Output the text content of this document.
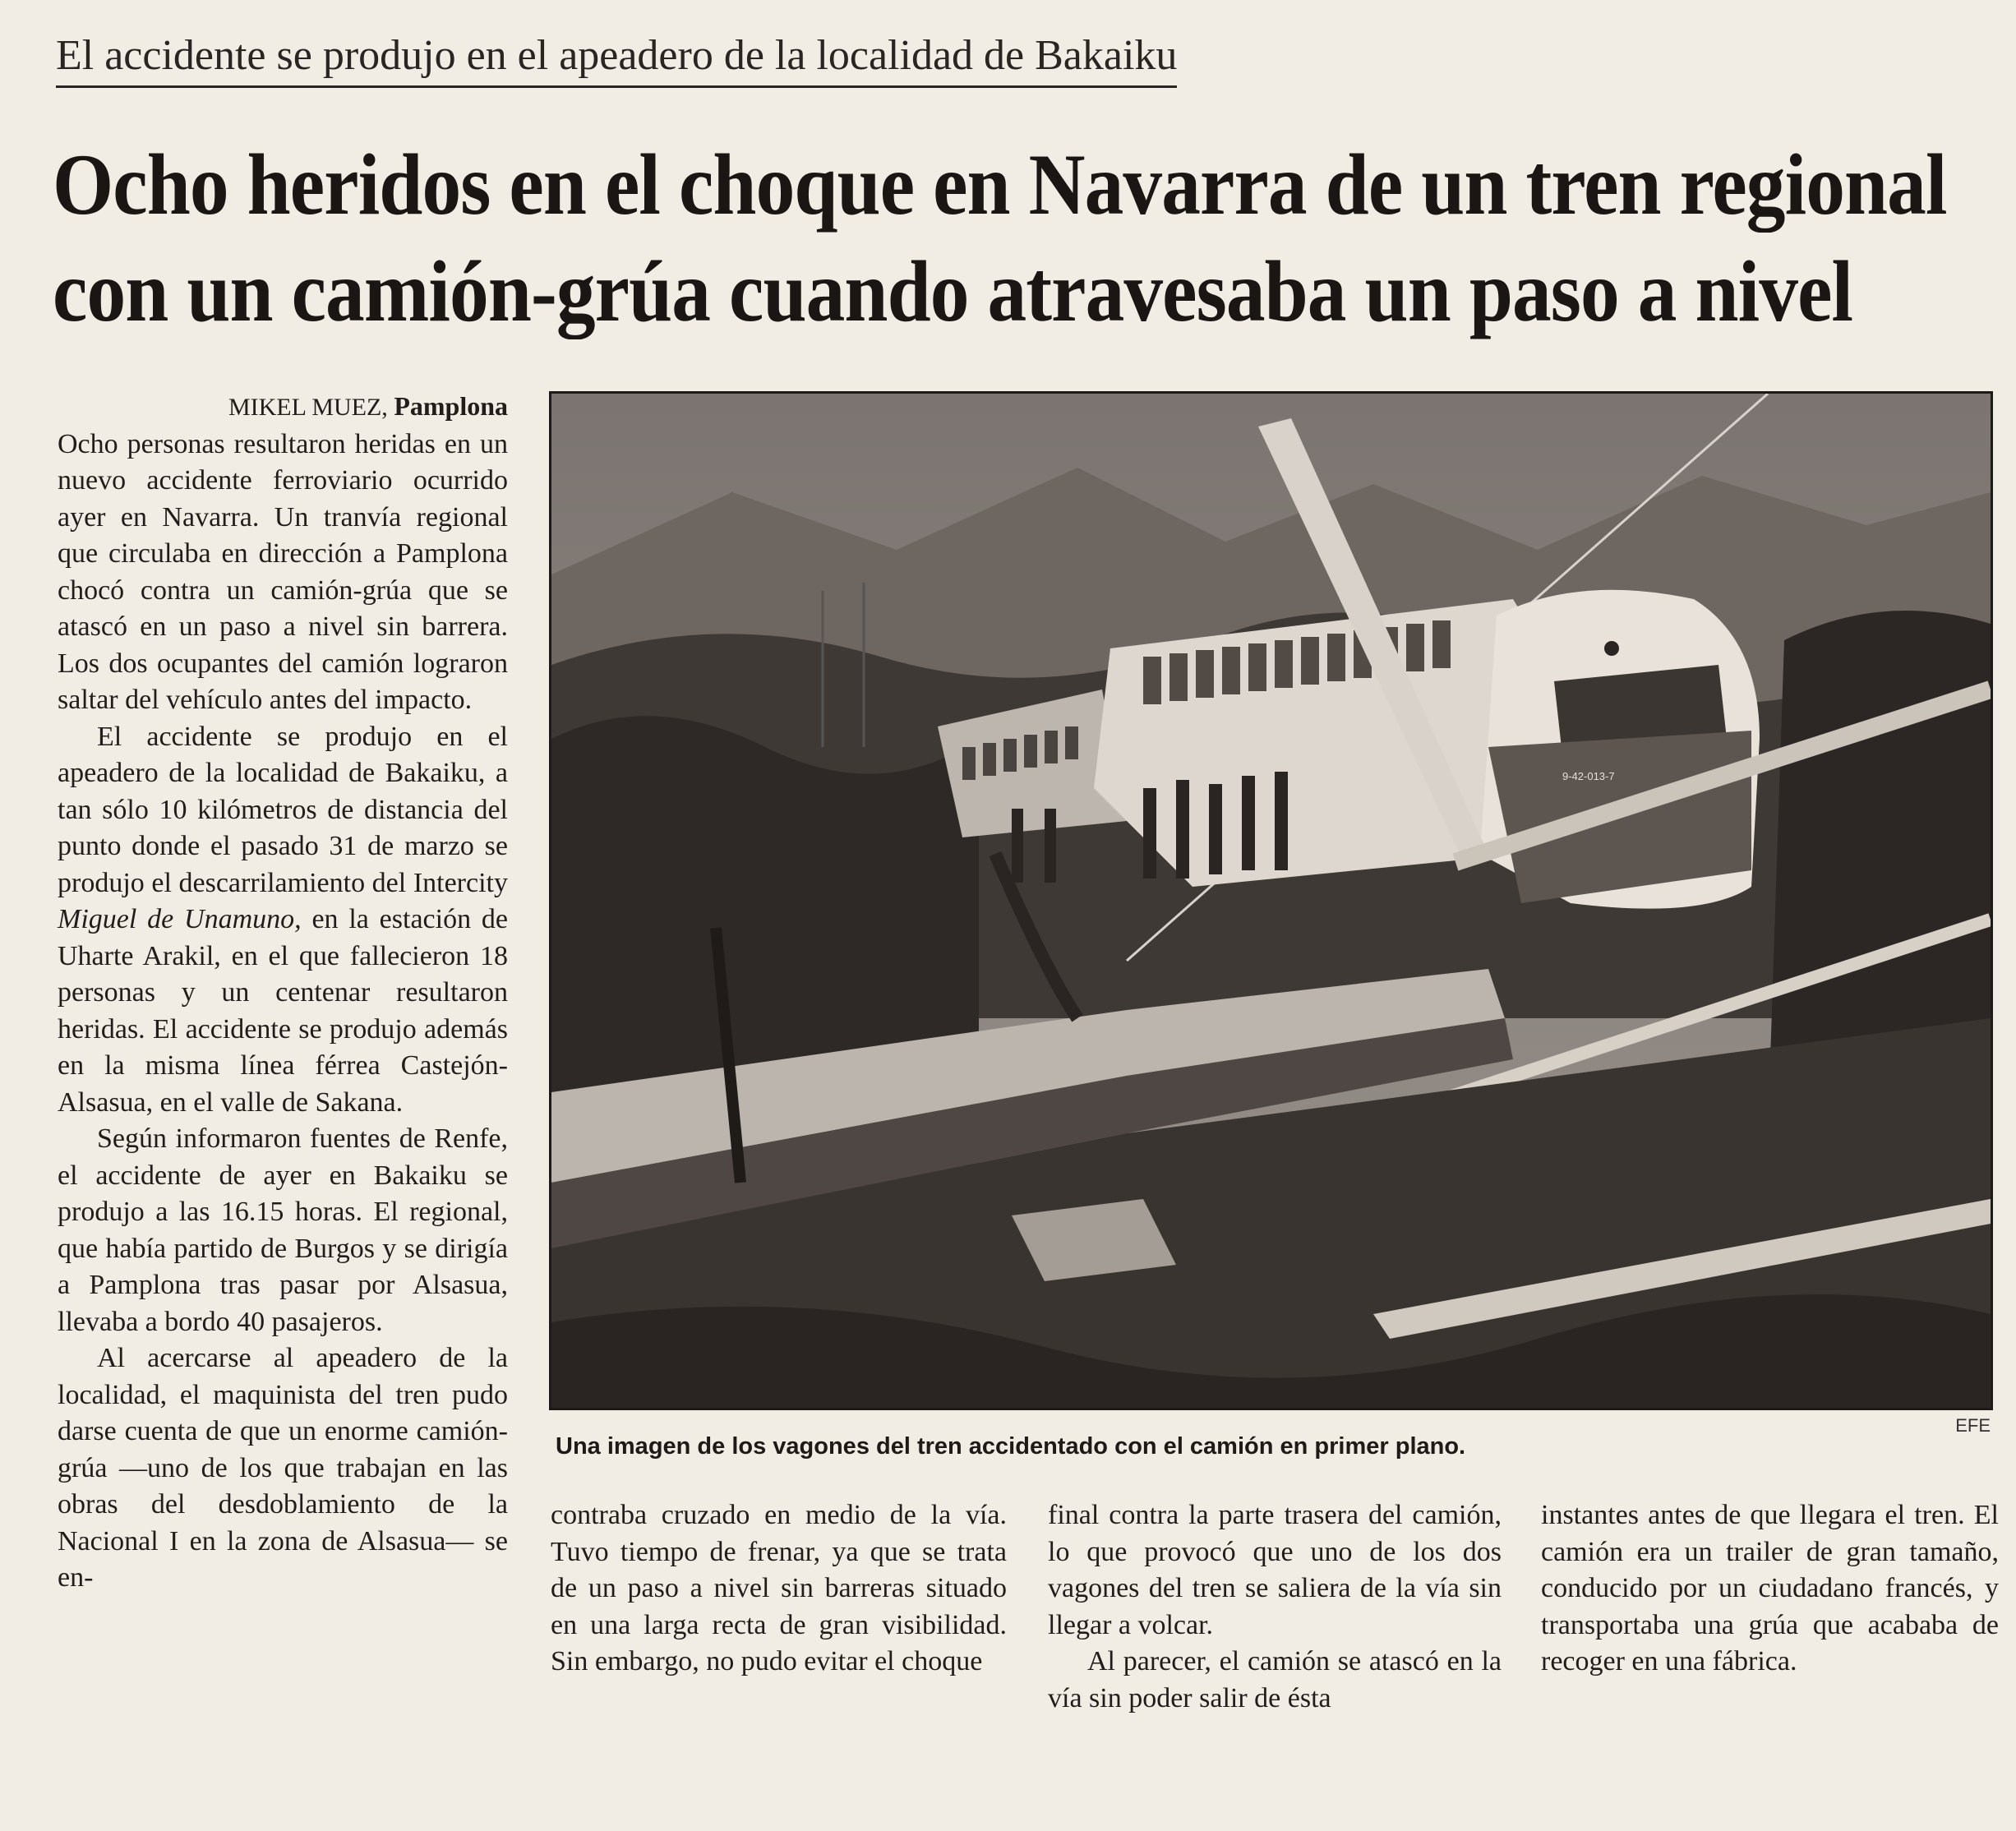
El accidente se produjo en el apeadero de la localidad de Bakaiku
Ocho heridos en el choque en Navarra de un tren regional
con un camión-grúa cuando atravesaba un paso a nivel
MIKEL MUEZ, Pamplona

Ocho personas resultaron heridas en un nuevo accidente ferroviario ocurrido ayer en Navarra. Un tranvía regional que circulaba en dirección a Pamplona chocó contra un camión-grúa que se atascó en un paso a nivel sin barrera. Los dos ocupantes del camión lograron saltar del vehículo antes del impacto.

El accidente se produjo en el apeadero de la localidad de Bakaiku, a tan sólo 10 kilómetros de distancia del punto donde el pasado 31 de marzo se produjo el descarrilamiento del Intercity Miguel de Unamuno, en la estación de Uharte Arakil, en el que fallecieron 18 personas y un centenar resultaron heridas. El accidente se produjo además en la misma línea férrea Castejón-Alsasua, en el valle de Sakana.

Según informaron fuentes de Renfe, el accidente de ayer en Bakaiku se produjo a las 16.15 horas. El regional, que había partido de Burgos y se dirigía a Pamplona tras pasar por Alsasua, llevaba a bordo 40 pasajeros.

Al acercarse al apeadero de la localidad, el maquinista del tren pudo darse cuenta de que un enorme camión-grúa —uno de los que trabajan en las obras del desdoblamiento de la Nacional I en la zona de Alsasua— se en-

9-42-013-7
EFE
Una imagen de los vagones del tren accidentado con el camión en primer plano.

contraba cruzado en medio de la vía. Tuvo tiempo de frenar, ya que se trata de un paso a nivel sin barreras situado en una larga recta de gran visibilidad. Sin embargo, no pudo evitar el choque

final contra la parte trasera del camión, lo que provocó que uno de los dos vagones del tren se saliera de la vía sin llegar a volcar.

Al parecer, el camión se atascó en la vía sin poder salir de ésta

instantes antes de que llegara el tren. El camión era un trailer de gran tamaño, conducido por un ciudadano francés, y transportaba una grúa que acababa de recoger en una fábrica.
